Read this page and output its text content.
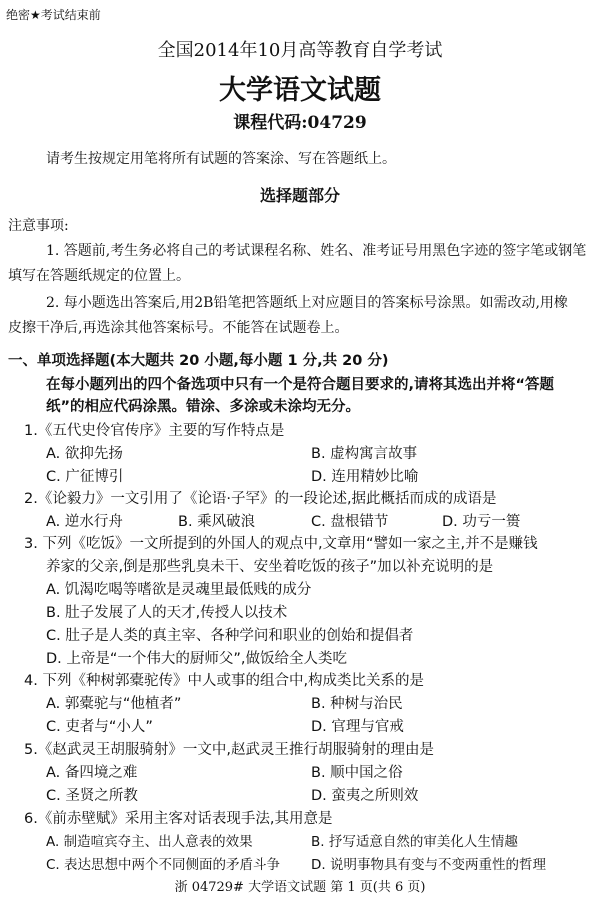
绝密★考试结束前
全国2014年10月高等教育自学考试
大学语文试题
课程代码:04729
请考生按规定用笔将所有试题的答案涂、写在答题纸上。
选择题部分
注意事项:
1. 答题前,考生务必将自己的考试课程名称、姓名、准考证号用黑色字迹的签字笔或钢笔
填写在答题纸规定的位置上。
2. 每小题选出答案后,用2B铅笔把答题纸上对应题目的答案标号涂黑。如需改动,用橡
皮擦干净后,再选涂其他答案标号。不能答在试题卷上。
一、单项选择题(本大题共 20 小题,每小题 1 分,共 20 分)
在每小题列出的四个备选项中只有一个是符合题目要求的,请将其选出并将“答题
纸”的相应代码涂黑。错涂、多涂或未涂均无分。
1.《五代史伶官传序》主要的写作特点是
A. 欲抑先扬	B. 虚构寓言故事
C. 广征博引	D. 连用精妙比喻
2.《论毅力》一文引用了《论语·子罕》的一段论述,据此概括而成的成语是
A. 逆水行舟	B. 乘风破浪	C. 盘根错节	D. 功亏一篑
3. 下列《吃饭》一文所提到的外国人的观点中,文章用“譬如一家之主,并不是赚钱
养家的父亲,倒是那些乳臭未干、安坐着吃饭的孩子”加以补充说明的是
A. 饥渴吃喝等嗜欲是灵魂里最低贱的成分
B. 肚子发展了人的天才,传授人以技术
C. 肚子是人类的真主宰、各种学问和职业的创始和提倡者
D. 上帝是“一个伟大的厨师父”,做饭给全人类吃
4. 下列《种树郭橐驼传》中人或事的组合中,构成类比关系的是
A. 郭橐驼与“他植者”	B. 种树与治民
C. 吏者与“小人”	D. 官理与官戒
5.《赵武灵王胡服骑射》一文中,赵武灵王推行胡服骑射的理由是
A. 备四境之难	B. 顺中国之俗
C. 圣贤之所教	D. 蛮夷之所则效
6.《前赤壁赋》采用主客对话表现手法,其用意是
A. 制造喧宾夺主、出人意表的效果	B. 抒写适意自然的审美化人生情趣
C. 表达思想中两个不同侧面的矛盾斗争 D. 说明事物具有变与不变两重性的哲理
浙 04729# 大学语文试题 第 1 页(共 6 页)
